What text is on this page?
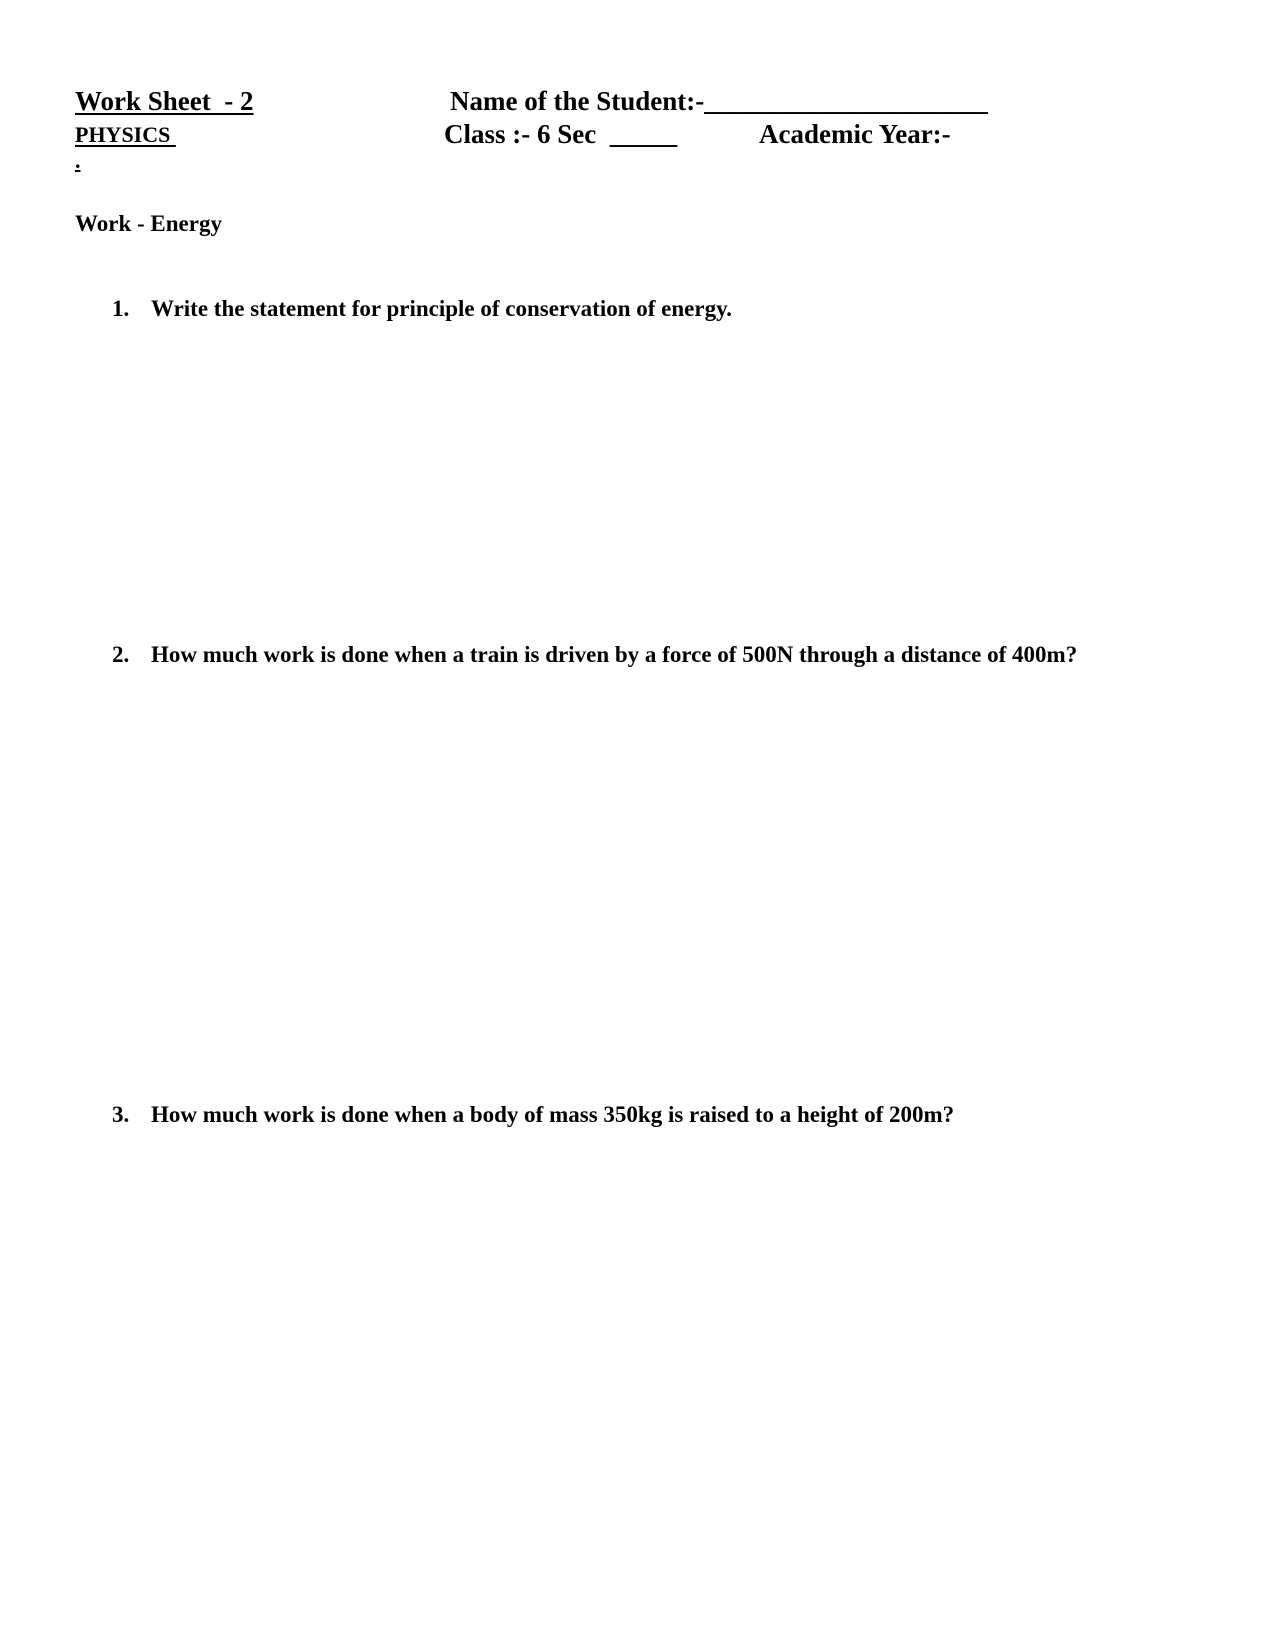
Work Sheet  - 2
PHYSICS
.
Name of the Student:-_____________________
Class :- 6 Sec  _____	Academic Year:-
Work - Energy
1. Write the statement for principle of conservation of energy.
2. How much work is done when a train is driven by a force of 500N through a distance of 400m?
3. How much work is done when a body of mass 350kg is raised to a height of 200m?
